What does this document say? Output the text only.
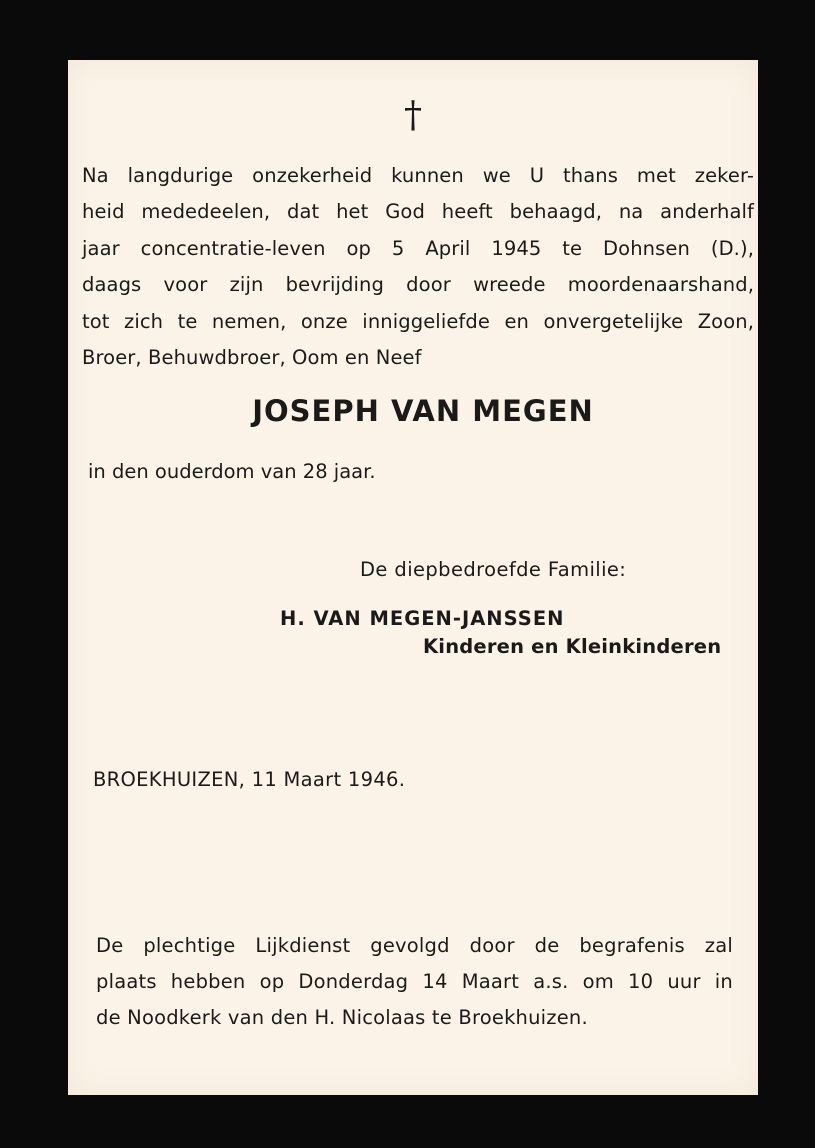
†
Na langdurige onzekerheid kunnen we U thans met zeker-
heid mededeelen, dat het God heeft behaagd, na anderhalf
jaar concentratie-leven op 5 April 1945 te Dohnsen (D.),
daags voor zijn bevrijding door wreede moordenaarshand,
tot zich te nemen, onze inniggeliefde en onvergetelijke Zoon,
Broer, Behuwdbroer, Oom en Neef
JOSEPH VAN MEGEN
in den ouderdom van 28 jaar.
De diepbedroefde Familie:
H. VAN MEGEN-JANSSEN
Kinderen en Kleinkinderen
BROEKHUIZEN, 11 Maart 1946.
De plechtige Lijkdienst gevolgd door de begrafenis zal
plaats hebben op Donderdag 14 Maart a.s. om 10 uur in
de Noodkerk van den H. Nicolaas te Broekhuizen.
